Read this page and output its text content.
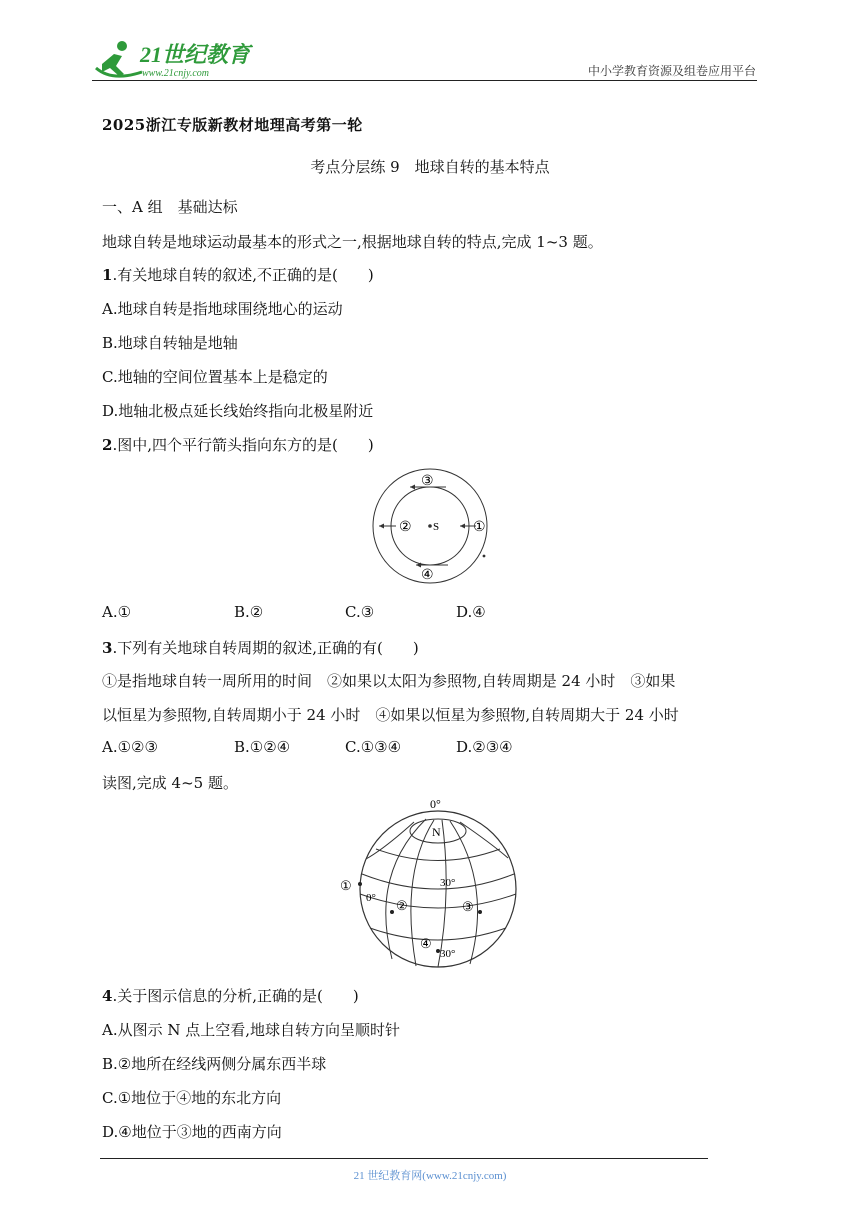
21世纪教育
www.21cnjy.com	中小学教育资源及组卷应用平台
2025浙江专版新教材地理高考第一轮
考点分层练 9　地球自转的基本特点
一、A 组　基础达标
地球自转是地球运动最基本的形式之一,根据地球自转的特点,完成 1~3 题。
1.有关地球自转的叙述,不正确的是(　　)
A.地球自转是指地球围绕地心的运动
B.地球自转轴是地轴
C.地轴的空间位置基本上是稳定的
D.地轴北极点延长线始终指向北极星附近
2.图中,四个平行箭头指向东方的是(　　)
③
②	①
④
S
A.①	B.②	C.③	D.④
3.下列有关地球自转周期的叙述,正确的有(　　)
①是指地球自转一周所用的时间　②如果以太阳为参照物,自转周期是 24 小时　③如果
以恒星为参照物,自转周期小于 24 小时　④如果以恒星为参照物,自转周期大于 24 小时
A.①②③	B.①②④	C.①③④	D.②③④
读图,完成 4~5 题。
0°
N
30°
0°
30°
①
②	③
④
4.关于图示信息的分析,正确的是(　　)
A.从图示 N 点上空看,地球自转方向呈顺时针
B.②地所在经线两侧分属东西半球
C.①地位于④地的东北方向
D.④地位于③地的西南方向
21 世纪教育网(www.21cnjy.com)
